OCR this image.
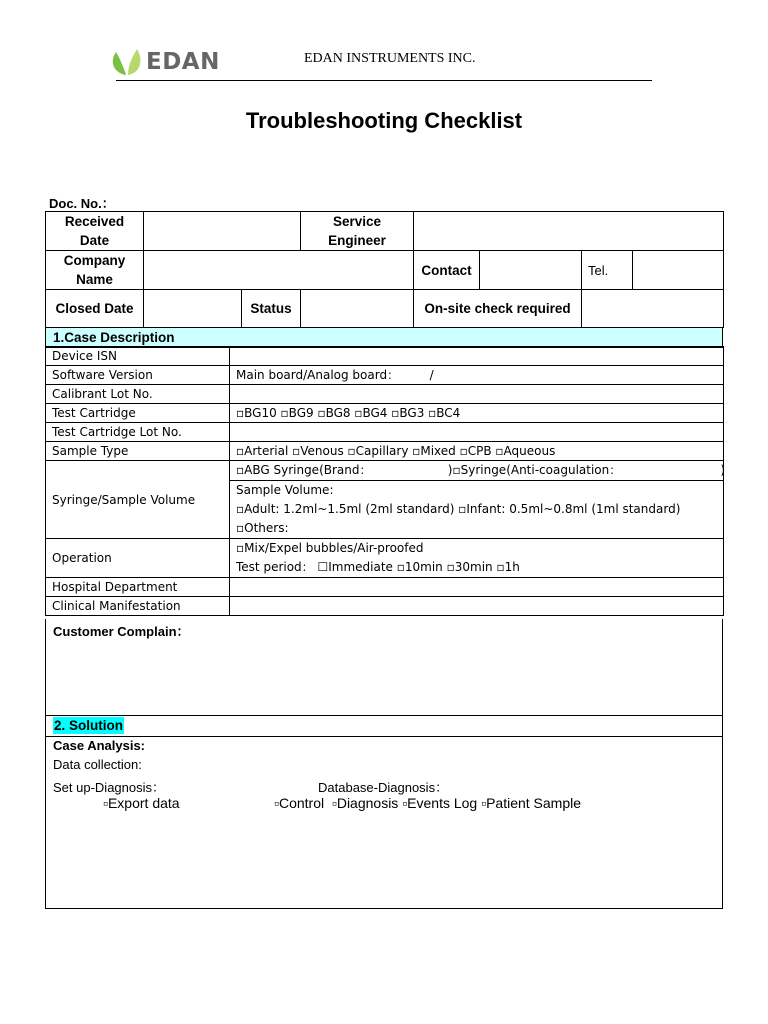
EDAN	EDAN INSTRUMENTS INC.
Troubleshooting Checklist
Doc. No.：
Received Date			Service Engineer				
Company Name				Contact		Tel.	
Closed Date		Status		On-site check required			
1.Case Description
Device ISN	
Software Version	Main board/Analog board：        /
Calibrant Lot No.	
Test Cartridge	▫BG10 ▫BG9 ▫BG8 ▫BG4 ▫BG3 ▫BC4
Test Cartridge Lot No.	
Sample Type	▫Arterial ▫Venous ▫Capillary ▫Mixed ▫CPB ▫Aqueous
Syringe/Sample Volume	▫ABG Syringe(Brand：                    )▫Syringe(Anti-coagulation：                          )
Sample Volume:
▫Adult: 1.2ml~1.5ml (2ml standard) ▫Infant: 0.5ml~0.8ml (1ml standard)
▫Others:

Operation	▫Mix/Expel bubbles/Air-proofed
Test period： ☐Immediate ▫10min ▫30min ▫1h

Hospital Department	
Clinical Manifestation	
Customer Complain：
2. Solution
Case Analysis:
Data collection:
Set up-Diagnosis：	Database-Diagnosis：
▫Export data	▫Control  ▫Diagnosis ▫Events Log ▫Patient Sample
